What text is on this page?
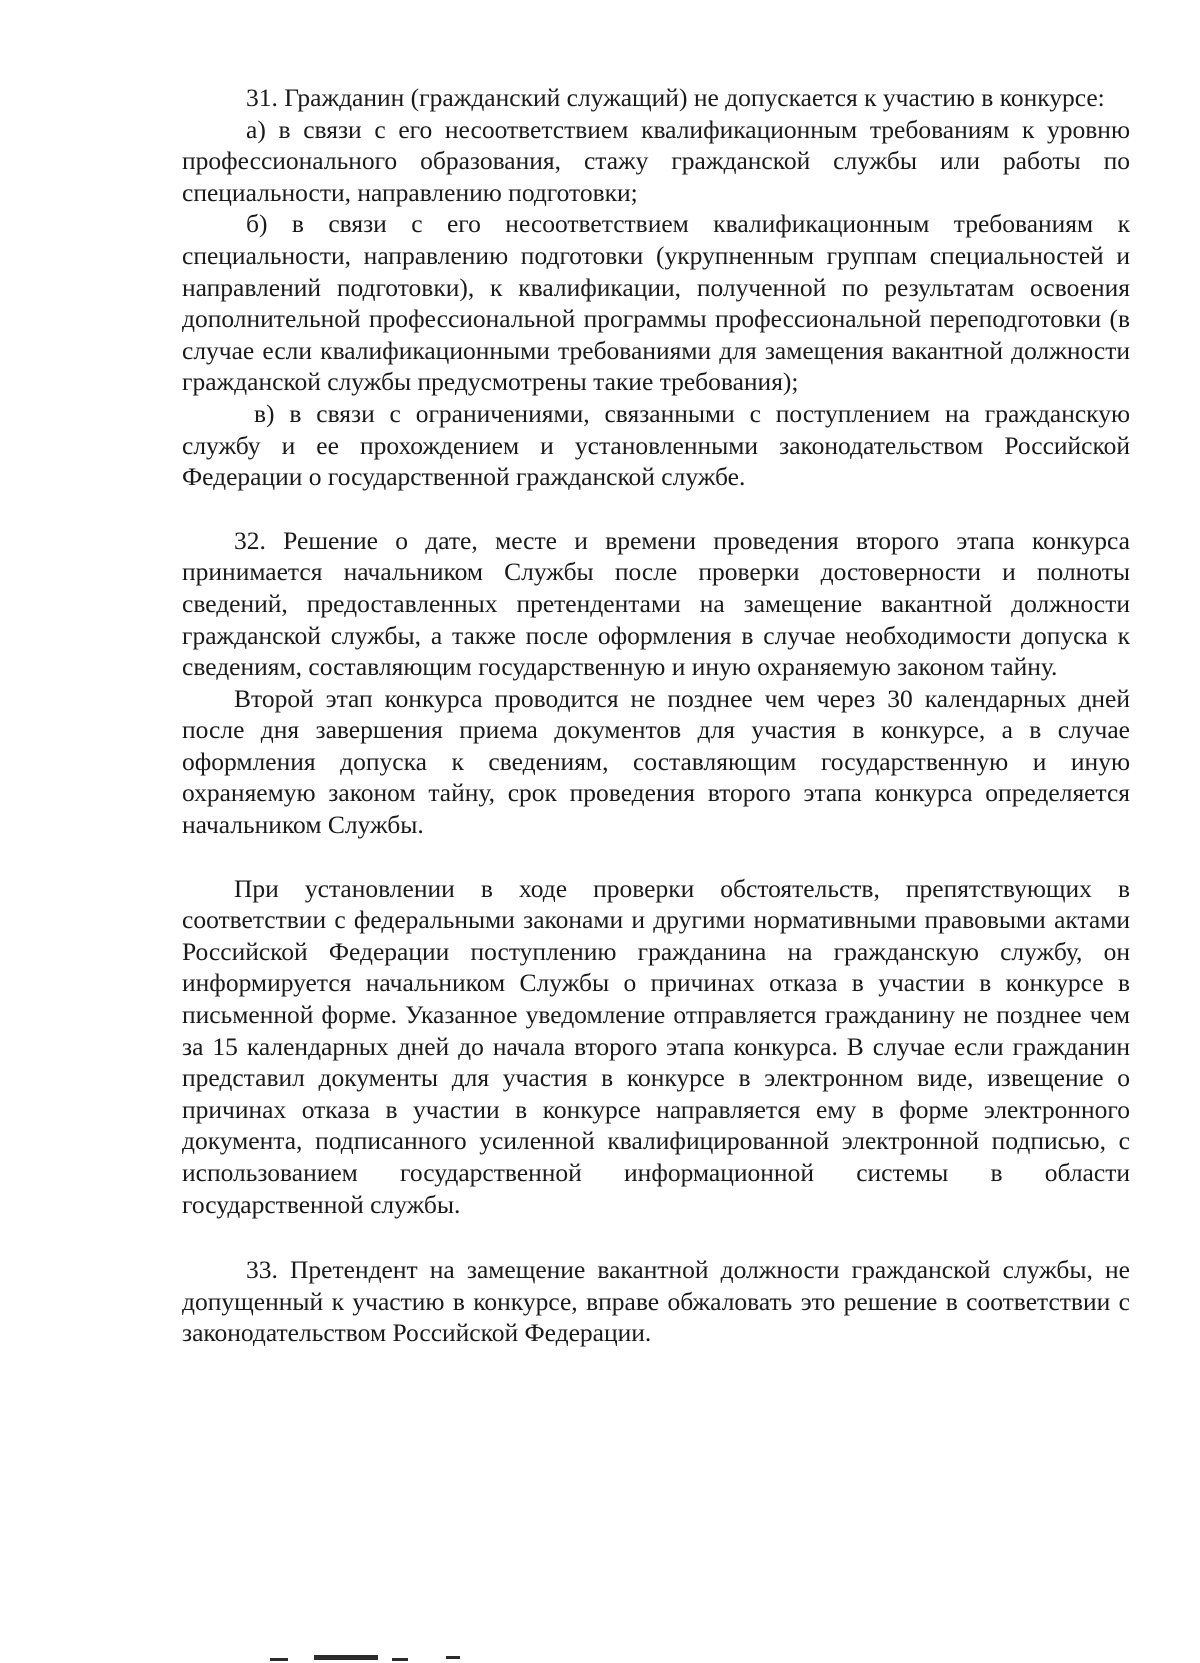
31. Гражданин (гражданский служащий) не допускается к участию в конкурсе:

а) в связи с его несоответствием квалификационным требованиям к уровню профессионального образования, стажу гражданской службы или работы по специальности, направлению подготовки;

б) в связи с его несоответствием квалификационным требованиям к специальности, направлению подготовки (укрупненным группам специальностей и направлений подготовки), к квалификации, полученной по результатам освоения дополнительной профессиональной программы профессиональной переподготовки (в случае если квалификационными требованиями для замещения вакантной должности гражданской службы предусмотрены такие требования);

в) в связи с ограничениями, связанными с поступлением на гражданскую службу и ее прохождением и установленными законодательством Российской Федерации о государственной гражданской службе.

32. Решение о дате, месте и времени проведения второго этапа конкурса принимается начальником Службы после проверки достоверности и полноты сведений, предоставленных претендентами на замещение вакантной должности гражданской службы, а также после оформления в случае необходимости допуска к сведениям, составляющим государственную и иную охраняемую законом тайну.

Второй этап конкурса проводится не позднее чем через 30 календарных дней после дня завершения приема документов для участия в конкурсе, а в случае оформления допуска к сведениям, составляющим государственную и иную охраняемую законом тайну, срок проведения второго этапа конкурса определяется начальником Службы.

При установлении в ходе проверки обстоятельств, препятствующих в соответствии с федеральными законами и другими нормативными правовыми актами Российской Федерации поступлению гражданина на гражданскую службу, он информируется начальником Службы о причинах отказа в участии в конкурсе в письменной форме. Указанное уведомление отправляется гражданину не позднее чем за 15 календарных дней до начала второго этапа конкурса. В случае если гражданин представил документы для участия в конкурсе в электронном виде, извещение о причинах отказа в участии в конкурсе направляется ему в форме электронного документа, подписанного усиленной квалифицированной электронной подписью, с использованием государственной информационной системы в области государственной службы.

33. Претендент на замещение вакантной должности гражданской службы, не допущенный к участию в конкурсе, вправе обжаловать это решение в соответствии с законодательством Российской Федерации.
